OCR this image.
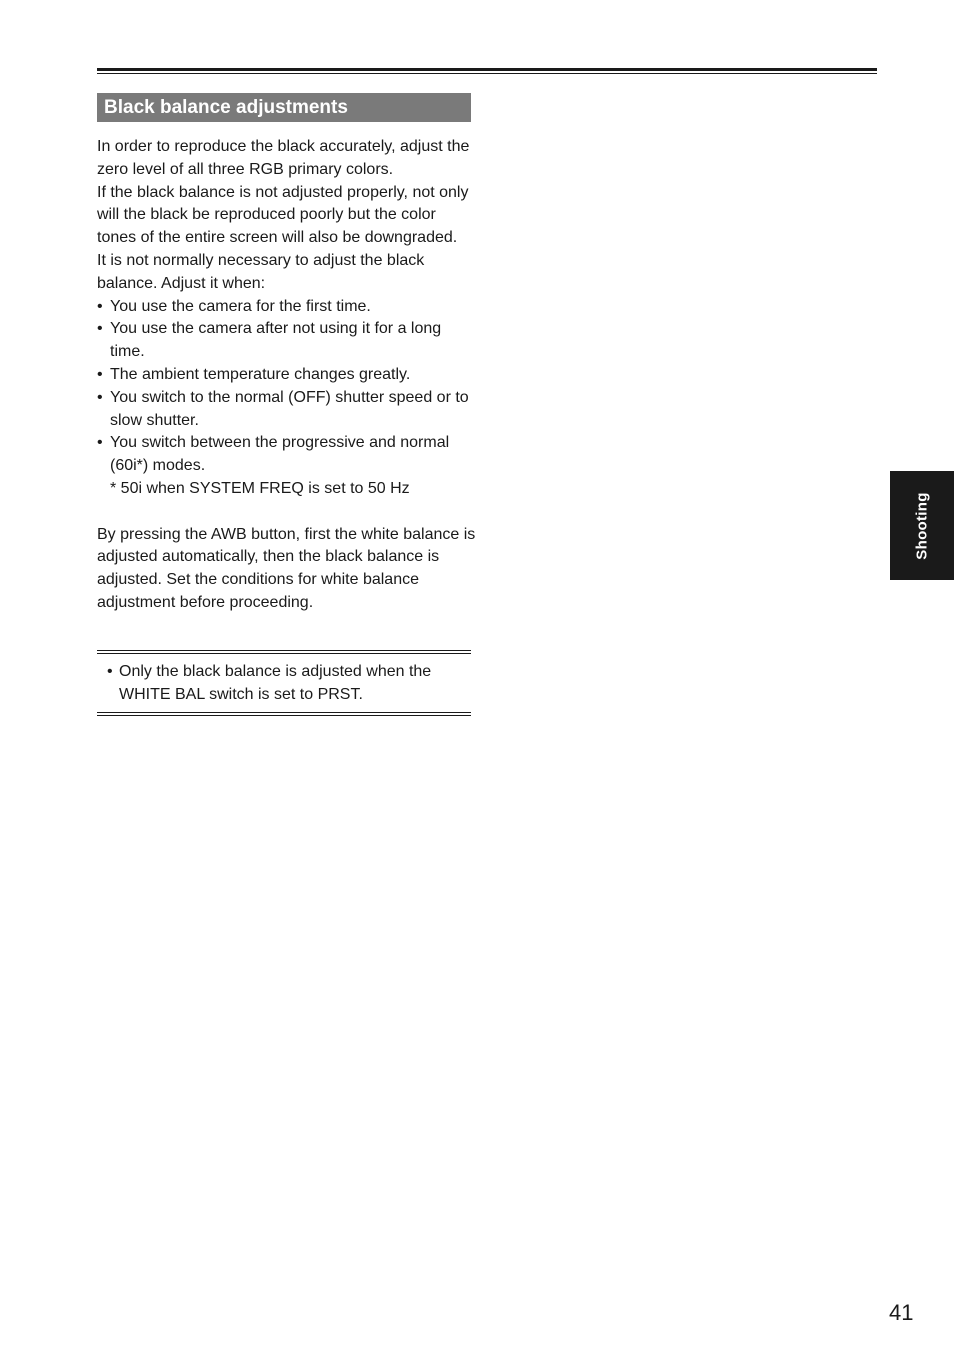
Black balance adjustments

In order to reproduce the black accurately, adjust the zero level of all three RGB primary colors.

If the black balance is not adjusted properly, not only will the black be reproduced poorly but the color tones of the entire screen will also be downgraded.

It is not normally necessary to adjust the black balance. Adjust it when:

• You use the camera for the first time.
• You use the camera after not using it for a long time.
• The ambient temperature changes greatly.
• You switch to the normal (OFF) shutter speed or to slow shutter.
• You switch between the progressive and normal (60i*) modes.

* 50i when SYSTEM FREQ is set to 50 Hz

By pressing the AWB button, first the white balance is adjusted automatically, then the black balance is adjusted. Set the conditions for white balance adjustment before proceeding.

• Only the black balance is adjusted when the WHITE BAL switch is set to PRST.
Shooting
41
